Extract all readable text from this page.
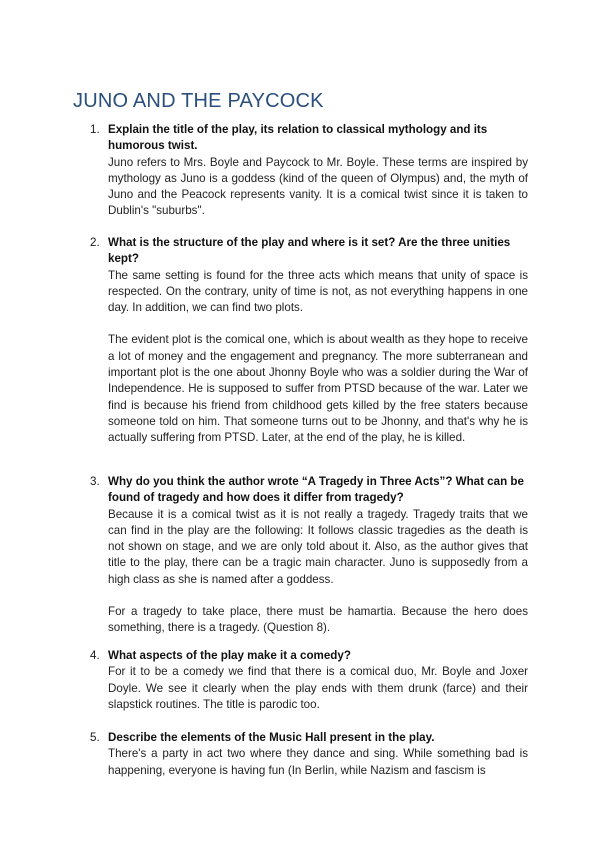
JUNO AND THE PAYCOCK
1. Explain the title of the play, its relation to classical mythology and its humorous twist.
Juno refers to Mrs. Boyle and Paycock to Mr. Boyle. These terms are inspired by mythology as Juno is a goddess (kind of the queen of Olympus) and, the myth of Juno and the Peacock represents vanity. It is a comical twist since it is taken to Dublin's "suburbs".
2. What is the structure of the play and where is it set? Are the three unities kept?
The same setting is found for the three acts which means that unity of space is respected. On the contrary, unity of time is not, as not everything happens in one day. In addition, we can find two plots.
The evident plot is the comical one, which is about wealth as they hope to receive a lot of money and the engagement and pregnancy. The more subterranean and important plot is the one about Jhonny Boyle who was a soldier during the War of Independence. He is supposed to suffer from PTSD because of the war. Later we find is because his friend from childhood gets killed by the free staters because someone told on him. That someone turns out to be Jhonny, and that's why he is actually suffering from PTSD. Later, at the end of the play, he is killed.
3. Why do you think the author wrote “A Tragedy in Three Acts”? What can be found of tragedy and how does it differ from tragedy?
Because it is a comical twist as it is not really a tragedy. Tragedy traits that we can find in the play are the following: It follows classic tragedies as the death is not shown on stage, and we are only told about it. Also, as the author gives that title to the play, there can be a tragic main character. Juno is supposedly from a high class as she is named after a goddess.
For a tragedy to take place, there must be hamartia. Because the hero does something, there is a tragedy. (Question 8).
4. What aspects of the play make it a comedy?
For it to be a comedy we find that there is a comical duo, Mr. Boyle and Joxer Doyle. We see it clearly when the play ends with them drunk (farce) and their slapstick routines. The title is parodic too.
5. Describe the elements of the Music Hall present in the play.
There's a party in act two where they dance and sing. While something bad is happening, everyone is having fun (In Berlin, while Nazism and fascism is
